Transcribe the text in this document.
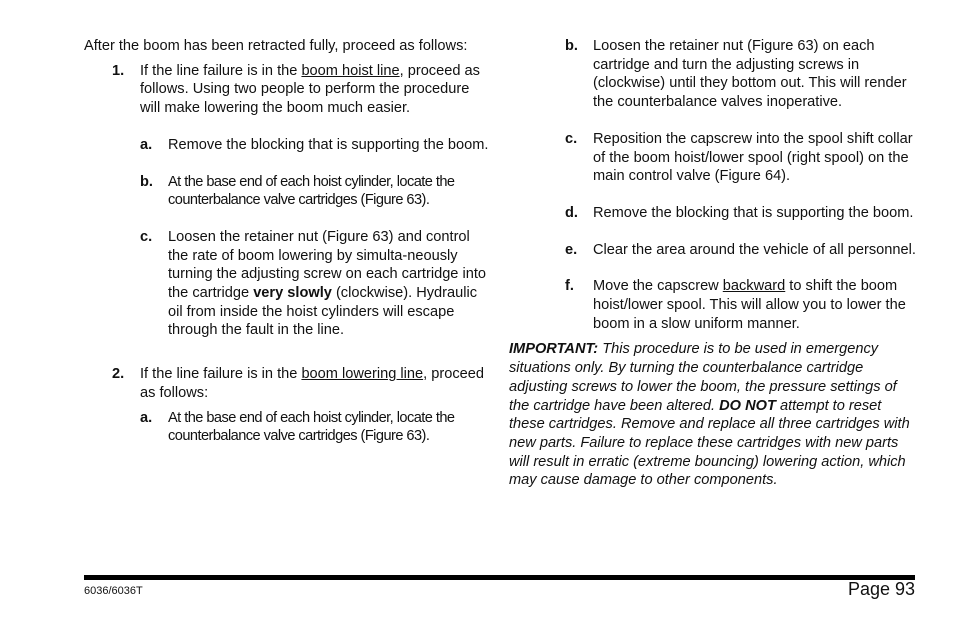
After the boom has been retracted fully, proceed as follows:

1. If the line failure is in the boom hoist line, proceed as follows. Using two people to perform the procedure will make lowering the boom much easier.
a. Remove the blocking that is supporting the boom.
b. At the base end of each hoist cylinder, locate the counterbalance valve cartridges (Figure 63).
c. Loosen the retainer nut (Figure 63) and control the rate of boom lowering by simulta-neously turning the adjusting screw on each cartridge into the cartridge very slowly (clockwise). Hydraulic oil from inside the hoist cylinders will escape through the fault in the line.
2. If the line failure is in the boom lowering line, proceed as follows:
a. At the base end of each hoist cylinder, locate the counterbalance valve cartridges (Figure 63).
b. Loosen the retainer nut (Figure 63) on each cartridge and turn the adjusting screws in (clockwise) until they bottom out. This will render the counterbalance valves inoperative.
c. Reposition the capscrew into the spool shift collar of the boom hoist/lower spool (right spool) on the main control valve (Figure 64).
d. Remove the blocking that is supporting the boom.
e. Clear the area around the vehicle of all personnel.
f. Move the capscrew backward to shift the boom hoist/lower spool. This will allow you to lower the boom in a slow uniform manner.

IMPORTANT: This procedure is to be used in emergency situations only. By turning the counterbalance cartridge adjusting screws to lower the boom, the pressure settings of the cartridge have been altered. DO NOT attempt to reset these cartridges. Remove and replace all three cartridges with new parts. Failure to replace these cartridges with new parts will result in erratic (extreme bouncing) lowering action, which may cause damage to other components.

6036/6036T	Page 93
